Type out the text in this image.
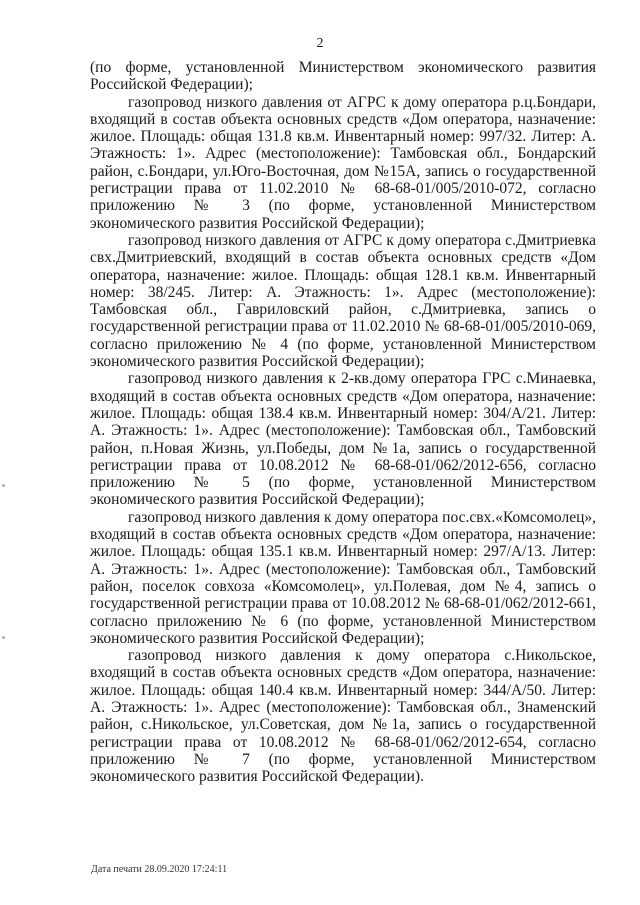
2

(по форме, установленной Министерством экономического развития Российской Федерации);

газопровод низкого давления от АГРС к дому оператора р.ц.Бондари, входящий в состав объекта основных средств «Дом оператора, назначение: жилое. Площадь: общая 131.8 кв.м. Инвентарный номер: 997/32. Литер: А. Этажность: 1». Адрес (местоположение): Тамбовская обл., Бондарский район, с.Бондари, ул.Юго-Восточная, дом №15А, запись о государственной регистрации права от 11.02.2010 № 68-68-01/005/2010-072, согласно приложению № 3 (по форме, установленной Министерством экономического развития Российской Федерации);

газопровод низкого давления от АГРС к дому оператора с.Дмитриевка свх.Дмитриевский, входящий в состав объекта основных средств «Дом оператора, назначение: жилое. Площадь: общая 128.1 кв.м. Инвентарный номер: 38/245. Литер: А. Этажность: 1». Адрес (местоположение): Тамбовская обл., Гавриловский район, с.Дмитриевка, запись о государственной регистрации права от 11.02.2010 № 68-68-01/005/2010-069, согласно приложению № 4 (по форме, установленной Министерством экономического развития Российской Федерации);

газопровод низкого давления к 2-кв.дому оператора ГРС с.Минаевка, входящий в состав объекта основных средств «Дом оператора, назначение: жилое. Площадь: общая 138.4 кв.м. Инвентарный номер: 304/А/21. Литер: А. Этажность: 1». Адрес (местоположение): Тамбовская обл., Тамбовский район, п.Новая Жизнь, ул.Победы, дом №1а, запись о государственной регистрации права от 10.08.2012 № 68-68-01/062/2012-656, согласно приложению № 5 (по форме, установленной Министерством экономического развития Российской Федерации);

газопровод низкого давления к дому оператора пос.свх.«Комсомолец», входящий в состав объекта основных средств «Дом оператора, назначение: жилое. Площадь: общая 135.1 кв.м. Инвентарный номер: 297/А/13. Литер: А. Этажность: 1». Адрес (местоположение): Тамбовская обл., Тамбовский район, поселок совхоза «Комсомолец», ул.Полевая, дом №4, запись о государственной регистрации права от 10.08.2012 № 68-68-01/062/2012-661, согласно приложению № 6 (по форме, установленной Министерством экономического развития Российской Федерации);

газопровод низкого давления к дому оператора с.Никольское, входящий в состав объекта основных средств «Дом оператора, назначение: жилое. Площадь: общая 140.4 кв.м. Инвентарный номер: 344/А/50. Литер: А. Этажность: 1». Адрес (местоположение): Тамбовская обл., Знаменский район, с.Никольское, ул.Советская, дом №1а, запись о государственной регистрации права от 10.08.2012 № 68-68-01/062/2012-654, согласно приложению № 7 (по форме, установленной Министерством экономического развития Российской Федерации).

Дата печати 28.09.2020 17:24:11
